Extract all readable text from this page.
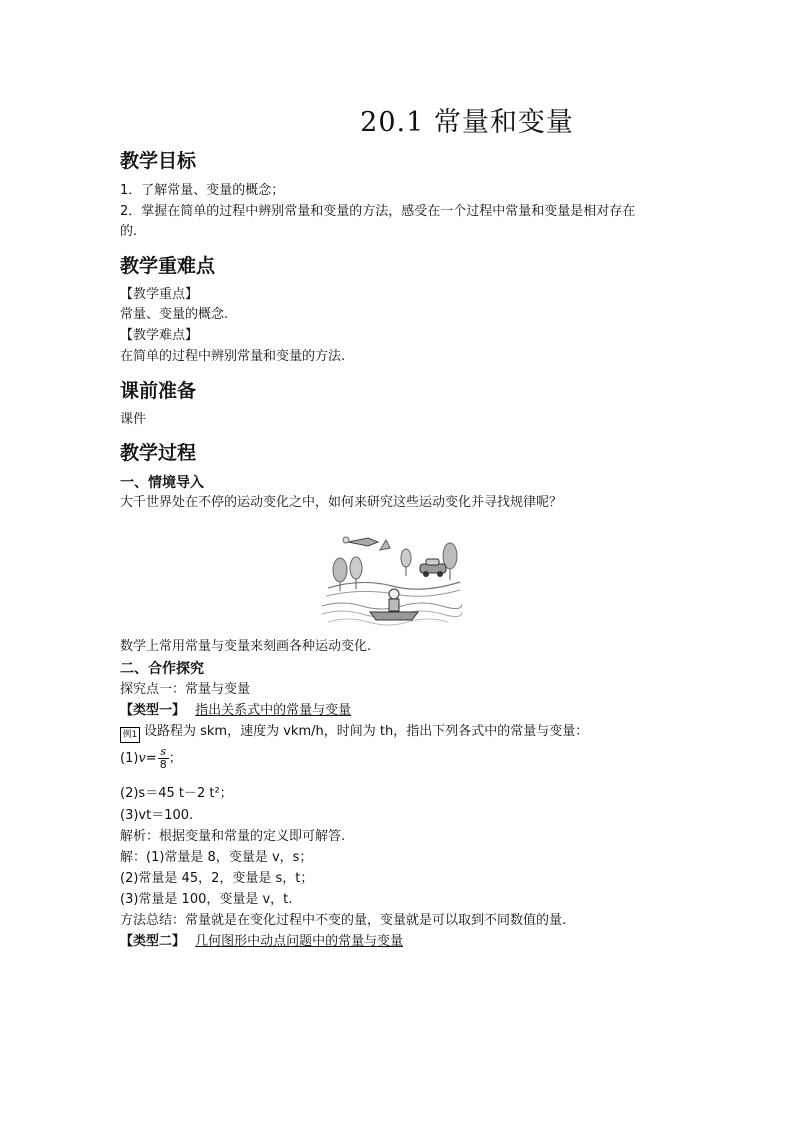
20.1 常量和变量
教学目标
1．了解常量、变量的概念；
2．掌握在简单的过程中辨别常量和变量的方法，感受在一个过程中常量和变量是相对存在
的.
教学重难点
【教学重点】
常量、变量的概念.
【教学难点】
在简单的过程中辨别常量和变量的方法.
课前准备
课件
教学过程
一、情境导入
大千世界处在不停的运动变化之中，如何来研究这些运动变化并寻找规律呢？
数学上常用常量与变量来刻画各种运动变化.
二、合作探究
探究点一：常量与变量
【类型一】 指出关系式中的常量与变量
例1 设路程为 skm，速度为 vkm/h，时间为 th，指出下列各式中的常量与变量：
$(1)v= \frac{s}{8}$ ；
(2)s＝45 t－2 t²；
(3)vt＝100.
解析：根据变量和常量的定义即可解答.
解：(1)常量是 8，变量是 v，s；
(2)常量是 45，2，变量是 s，t；
(3)常量是 100，变量是 v，t.
方法总结：常量就是在变化过程中不变的量，变量就是可以取到不同数值的量.
【类型二】 几何图形中动点问题中的常量与变量
